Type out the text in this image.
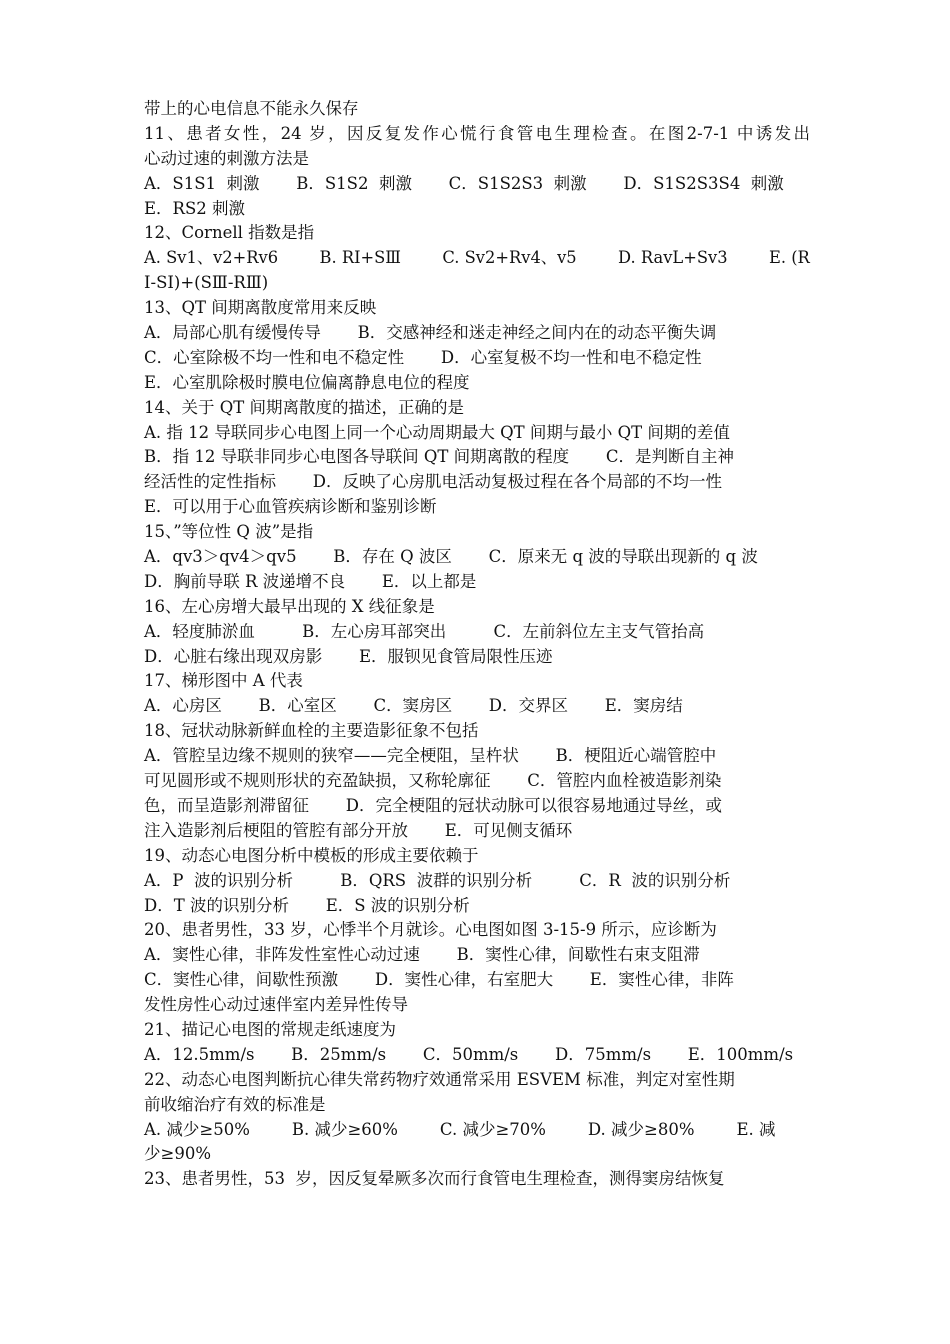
带上的心电信息不能永久保存
11、患者女性，24 岁，因反复发作心慌行食管电生理检查。在图2-7-1 中诱发出
心动过速的刺激方法是
A．S1S1  刺激       B．S1S2  刺激       C．S1S2S3  刺激       D．S1S2S3S4  刺激
E．RS2 刺激
12、Cornell 指数是指
A. Sv1、v2+Rv6        B. RⅠ+SⅢ        C. Sv2+Rv4、v5        D. RavL+Sv3        E. (R
Ⅰ-SⅠ)+(SⅢ-RⅢ)
13、QT 间期离散度常用来反映
A．局部心肌有缓慢传导       B．交感神经和迷走神经之间内在的动态平衡失调
C．心室除极不均一性和电不稳定性       D．心室复极不均一性和电不稳定性
E．心室肌除极时膜电位偏离静息电位的程度
14、关于 QT 间期离散度的描述，正确的是
A. 指 12 导联同步心电图上同一个心动周期最大 QT 间期与最小 QT 间期的差值
B．指 12 导联非同步心电图各导联间 QT 间期离散的程度       C．是判断自主神
经活性的定性指标       D．反映了心房肌电活动复极过程在各个局部的不均一性
E．可以用于心血管疾病诊断和鉴别诊断
15、”等位性 Q 波”是指
A．qv3＞qv4＞qv5       B．存在 Q 波区       C．原来无 q 波的导联出现新的 q 波
D．胸前导联 R 波递增不良       E．以上都是
16、左心房增大最早出现的 X 线征象是
A．轻度肺淤血         B．左心房耳部突出         C．左前斜位左主支气管抬高
D．心脏右缘出现双房影       E．服钡见食管局限性压迹
17、梯形图中 A 代表
A．心房区       B．心室区       C．窦房区       D．交界区       E．窦房结
18、冠状动脉新鲜血栓的主要造影征象不包括
A．管腔呈边缘不规则的狭窄——完全梗阻，呈杵状       B．梗阻近心端管腔中
可见圆形或不规则形状的充盈缺损，又称轮廓征       C．管腔内血栓被造影剂染
色，而呈造影剂滞留征       D．完全梗阻的冠状动脉可以很容易地通过导丝，或
注入造影剂后梗阻的管腔有部分开放       E．可见侧支循环
19、动态心电图分析中模板的形成主要依赖于
A．P  波的识别分析         B．QRS  波群的识别分析         C．R  波的识别分析
D．T 波的识别分析       E．S 波的识别分析
20、患者男性，33 岁，心悸半个月就诊。心电图如图 3-15-9 所示，应诊断为
A．窦性心律，非阵发性室性心动过速       B．窦性心律，间歇性右束支阻滞
C．窦性心律，间歇性预激       D．窦性心律，右室肥大       E．窦性心律，非阵
发性房性心动过速伴室内差异性传导
21、描记心电图的常规走纸速度为
A．12.5mm/s       B．25mm/s       C．50mm/s       D．75mm/s       E．100mm/s
22、动态心电图判断抗心律失常药物疗效通常采用 ESVEM 标准，判定对室性期
前收缩治疗有效的标准是
A. 减少≥50%        B. 减少≥60%        C. 减少≥70%        D. 减少≥80%        E. 减
少≥90%
23、患者男性，53  岁，因反复晕厥多次而行食管电生理检查，测得窦房结恢复
